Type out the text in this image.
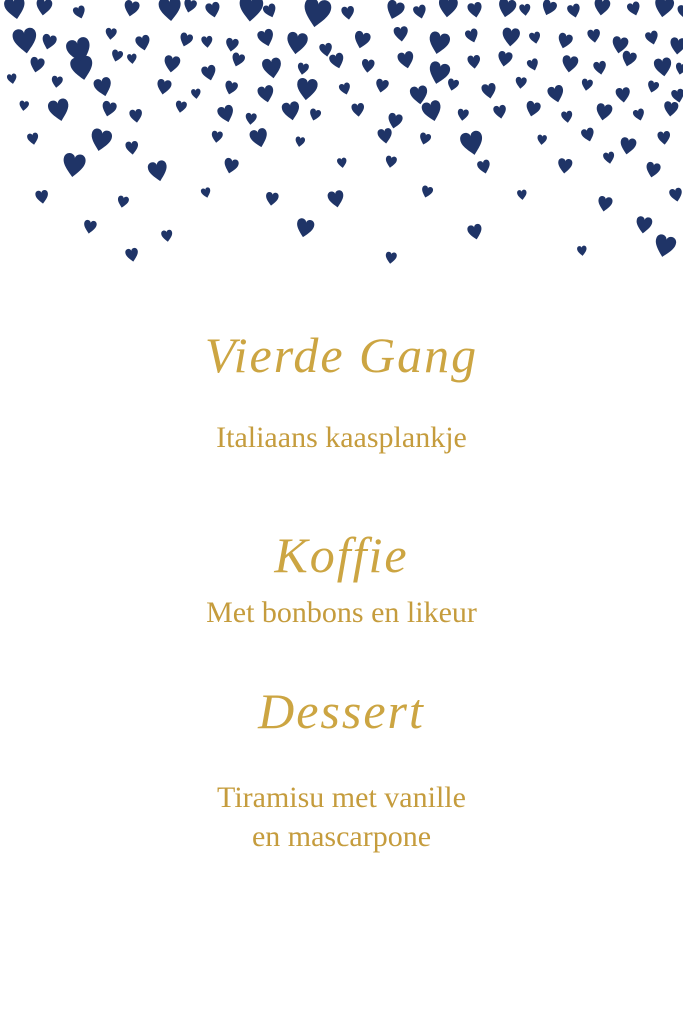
Vierde Gang
Italiaans kaasplankje
Koffie
Met bonbons en likeur
Dessert
Tiramisu met vanille
en mascarpone
